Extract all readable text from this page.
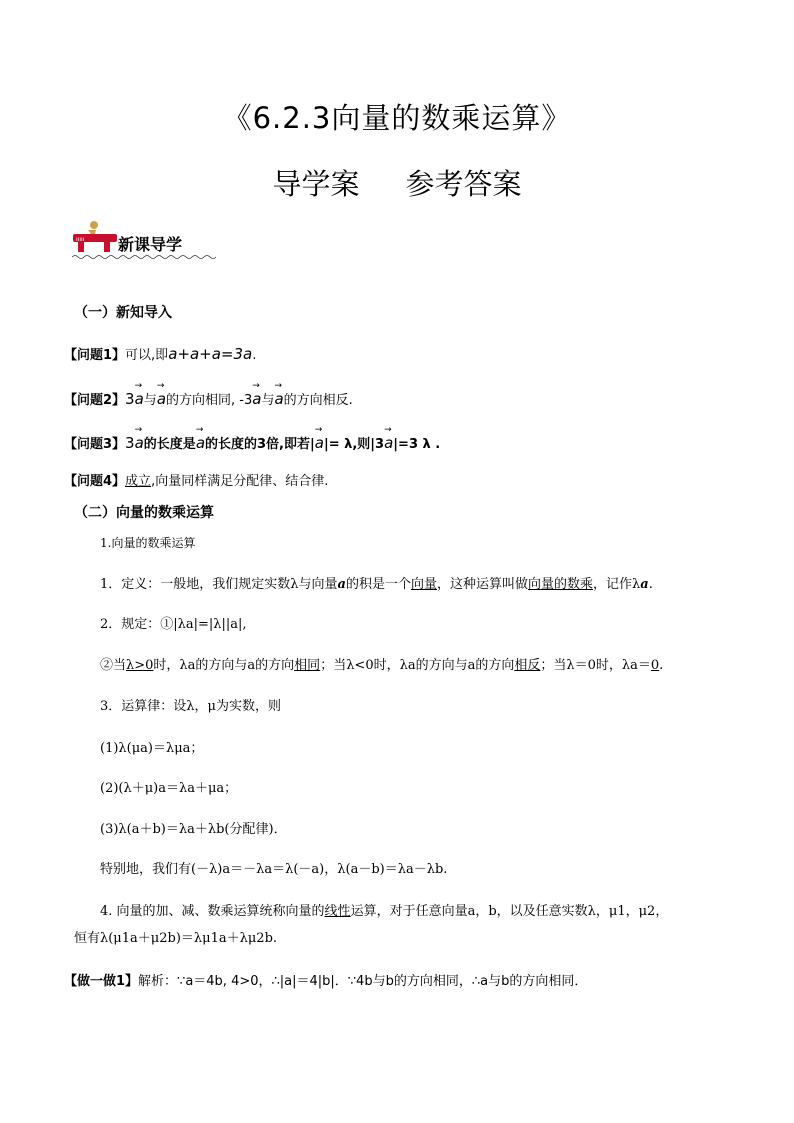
《6.2.3向量的数乘运算》
导学案 参考答案
ııııı 新课导学
（一）新知导入
【问题1】可以,即a+a+a=3a.
【问题2】3→ a与→ a的方向相同, -3→ a与→ a的方向相反.
【问题3】3→ a的长度是→ a的长度的3倍,即若|→ a|= λ,则|3→ a|=3 λ .
【问题4】成立,向量同样满足分配律、结合律.
（二）向量的数乘运算
1.向量的数乘运算
1．定义：一般地，我们规定实数λ与向量a的积是一个向量，这种运算叫做向量的数乘，记作λa.
2．规定：①|λa|=|λ||a|,
②当λ>0时，λa的方向与a的方向相同；当λ<0时，λa的方向与a的方向相反；当λ＝0时，λa＝0.
3．运算律：设λ，μ为实数，则
(1)λ(μa)＝λμa；
(2)(λ＋μ)a＝λa＋μa；
(3)λ(a＋b)＝λa＋λb(分配律)．
特别地，我们有(－λ)a＝－λa＝λ(－a)，λ(a－b)＝λa－λb.
4. 向量的加、减、数乘运算统称向量的线性运算，对于任意向量a，b，以及任意实数λ，μ1，μ2，
恒有λ(μ1a＋μ2b)＝λμ1a＋λμ2b.
【做一做1】解析：∵a＝4b, 4>0，∴|a|＝4|b|．∵4b与b的方向相同，∴a与b的方向相同．
